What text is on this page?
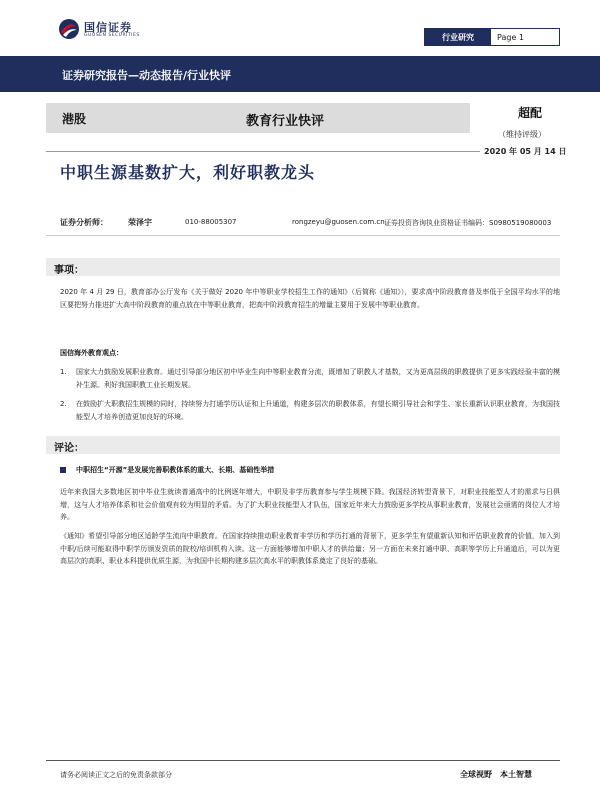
国信证券
GUOSEN SECURITIES	行业研究	Page 1
证券研究报告—动态报告/行业快评
港股	教育行业快评
超配
（维持评级）
2020 年 05 月 14 日
中职生源基数扩大，利好职教龙头
证券分析师：	荣泽宇	010-88005307	rongzeyu@guosen.com.cn 证券投资咨询执业资格证书编码：S0980519080003
事项：
2020 年 4 月 29 日，教育部办公厅发布《关于做好 2020 年中等职业学校招生工作的通知》（后简称《通知》），要求高中阶段教育普及率低于全国平均水平的地区要把努力推进扩大高中阶段教育的重点放在中等职业教育，把高中阶段教育招生的增量主要用于发展中等职业教育。
国信海外教育观点：
1.	国家大力鼓励发展职业教育。通过引导部分地区初中毕业生向中等职业教育分流，既增加了职教人才基数，又为更高层级的职教提供了更多实践经验丰富的模补生源。利好我国职教工业长期发展。
2.	在鼓励扩大职教招生规模的同时，持续努力打通学历认证和上升通道，构建多层次的职教体系，有望长期引导社会和学生、家长重新认识职业教育，为我国技能型人才培养创造更加良好的环境。
评论：
中职招生“开源”是发展完善职教体系的重大、长期、基础性举措
近年来我国大多数地区初中毕业生就读普通高中的比例逐年增大，中职及非学历教育参与学生规模下降。我国经济转型背景下，对职业技能型人才的需求与日俱增，这与人才培养体系和社会价值观有较为明显的矛盾。为了扩大职业技能型人才队伍，国家近年来大力鼓励更多学校从事职业教育，发展社会亟需的岗位人才培养。
《通知》希望引导部分地区适龄学生流向中职教育。在国家持续推动职业教育非学历和学历打通的背景下，更多学生有望重新认知和评估职业教育的价值，加入到中职/后续可能取得中职学历颁发资质的院校/培训机构入读。这一方面能够增加中职人才的供给量；另一方面在未来打通中职、高职等学历上升通道后，可以为更高层次的高职、职业本科提供优质生源，为我国中长期构建多层次高水平的职教体系奠定了良好的基础。
请务必阅读正文之后的免责条款部分	全球视野　本土智慧
